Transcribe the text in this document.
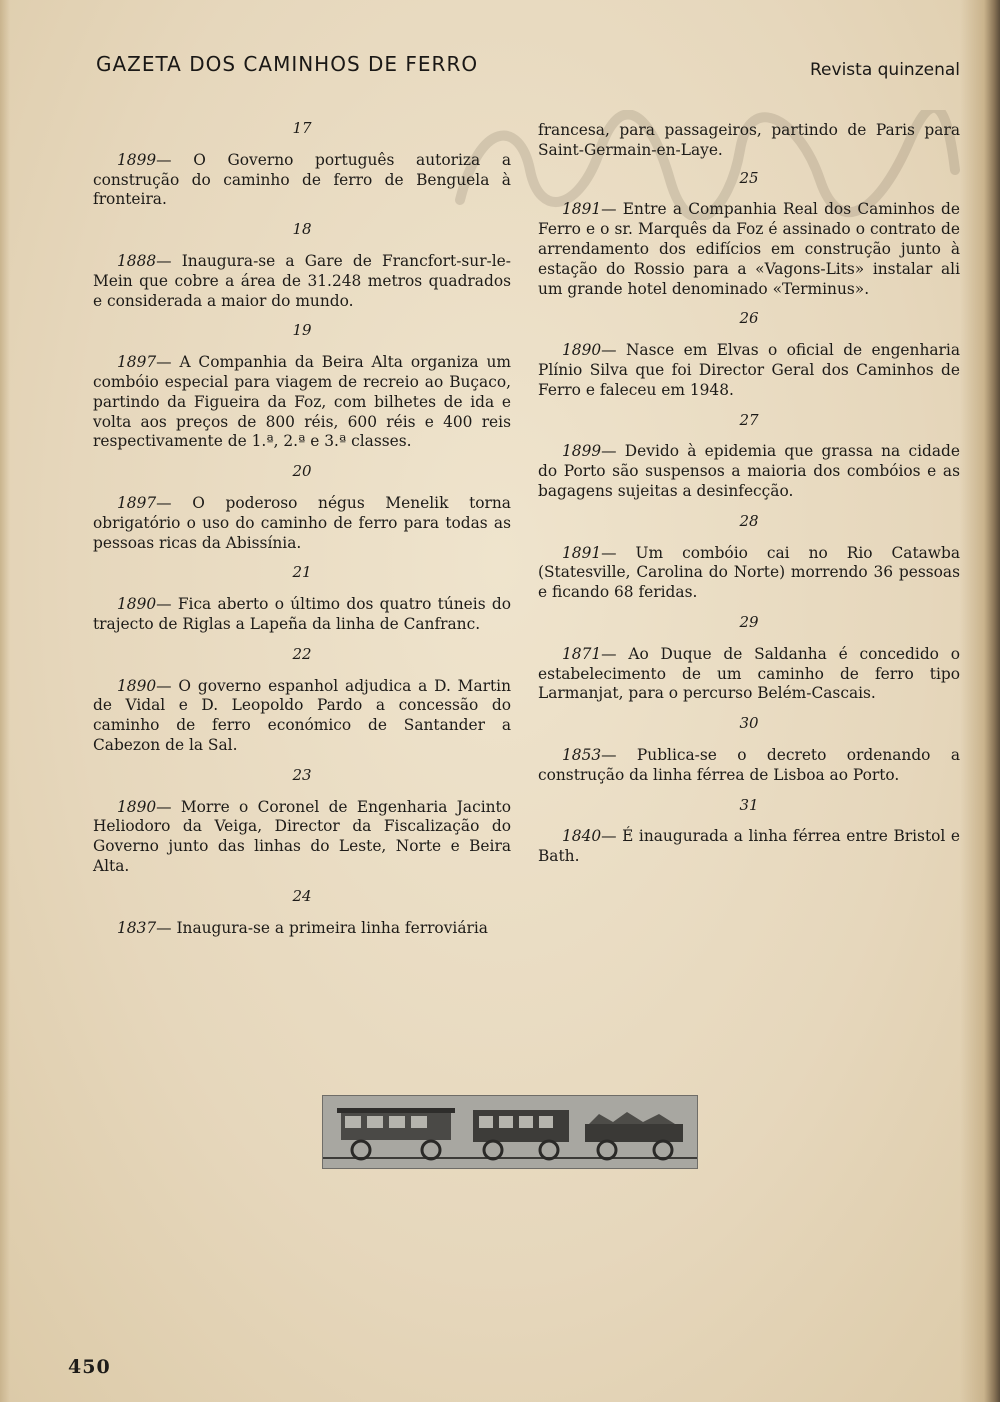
GAZETA DOS CAMINHOS DE FERRO	Revista quinzenal
17
1899— O Governo português autoriza a construção do caminho de ferro de Benguela à fronteira.
18
1888— Inaugura-se a Gare de Francfort-sur-le-Mein que cobre a área de 31.248 metros quadrados e considerada a maior do mundo.
19
1897— A Companhia da Beira Alta organiza um combóio especial para viagem de recreio ao Buçaco, partindo da Figueira da Foz, com bilhetes de ida e volta aos preços de 800 réis, 600 réis e 400 reis respectivamente de 1.ª, 2.ª e 3.ª classes.
20
1897— O poderoso négus Menelik torna obrigatório o uso do caminho de ferro para todas as pessoas ricas da Abissínia.
21
1890— Fica aberto o último dos quatro túneis do trajecto de Riglas a Lapeña da linha de Canfranc.
22
1890— O governo espanhol adjudica a D. Martin de Vidal e D. Leopoldo Pardo a concessão do caminho de ferro económico de Santander a Cabezon de la Sal.
23
1890— Morre o Coronel de Engenharia Jacinto Heliodoro da Veiga, Director da Fiscalização do Governo junto das linhas do Leste, Norte e Beira Alta.
24
1837— Inaugura-se a primeira linha ferroviária
francesa, para passageiros, partindo de Paris para Saint-Germain-en-Laye.
25
1891— Entre a Companhia Real dos Caminhos de Ferro e o sr. Marquês da Foz é assinado o contrato de arrendamento dos edifícios em construção junto à estação do Rossio para a «Vagons-Lits» instalar ali um grande hotel denominado «Terminus».
26
1890— Nasce em Elvas o oficial de engenharia Plínio Silva que foi Director Geral dos Caminhos de Ferro e faleceu em 1948.
27
1899— Devido à epidemia que grassa na cidade do Porto são suspensos a maioria dos combóios e as bagagens sujeitas a desinfecção.
28
1891— Um combóio cai no Rio Catawba (Statesville, Carolina do Norte) morrendo 36 pessoas e ficando 68 feridas.
29
1871— Ao Duque de Saldanha é concedido o estabelecimento de um caminho de ferro tipo Larmanjat, para o percurso Belém-Cascais.
30
1853— Publica-se o decreto ordenando a construção da linha férrea de Lisboa ao Porto.
31
1840— É inaugurada a linha férrea entre Bristol e Bath.
450
